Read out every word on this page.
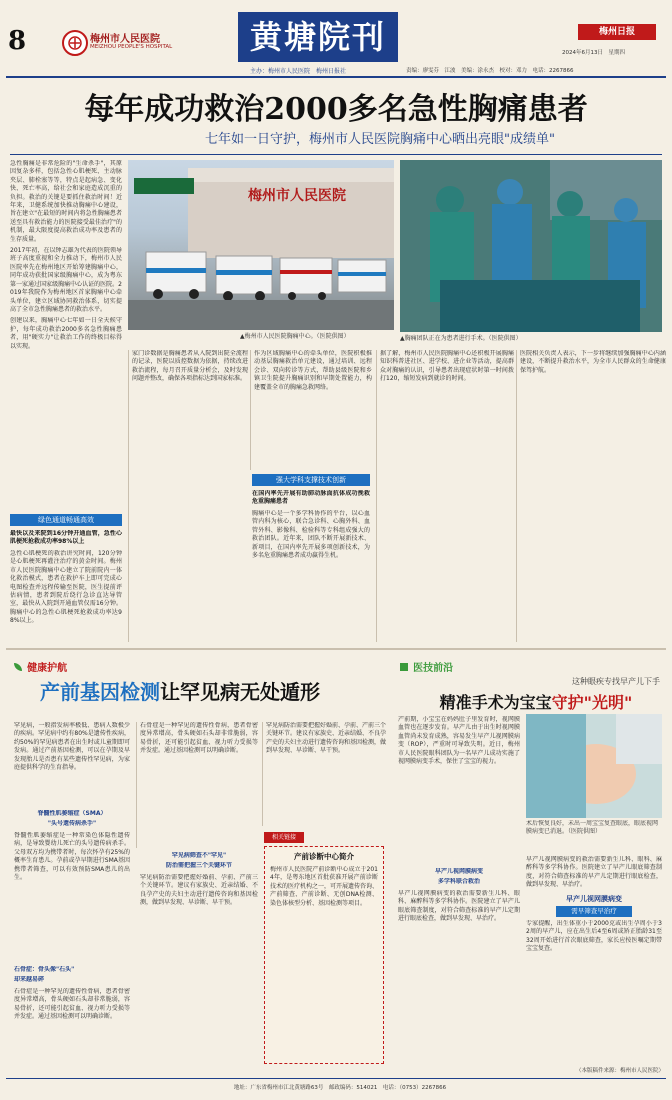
8	梅州市人民医院
MEIZHOU PEOPLE'S HOSPITAL	黄塘院刊	梅州日报
主办：梅州市人民医院　梅州日报社
2024年6月13日　星期四
责编：廖雯芬　江波　美编：涂永杰　校对：邓力　电话：2267866
每年成功救治2000多名急性胸痛患者
七年如一日守护，梅州市人民医院胸痛中心晒出亮眼"成绩单"

急性胸痛是非常危险的"生命杀手"，其原因复杂多样，包括急性心肌梗死、主动脉夹层、肺栓塞等等，特点是起病急、变化快、死亡率高，给社会和家庭造成沉重的负担。救治的关键是要抓住救治时间！近年来，卫健系统加快推动胸痛中心建设，旨在建立"在最短的时间内将急性胸痛患者送至具有救治能力的医院接受最佳治疗"的机制，最大限度提高救治成功率及患者的生存质量。

2017年初，在以钟志雄为代表的医院领导班子高度重视和全力推动下，梅州市人民医院率先在梅州地区开始筹建胸痛中心，同年成功获批国家级胸痛中心，成为粤东第一家通过国家级胸痛中心认证的医院。2019年我院作为梅州地区首家胸痛中心牵头单位，建立区域协同救治体系，切实提高了全市急性胸痛患者的救治水平。

创建以来，胸痛中心七年如一日全天候守护，每年成功救治2000多名急性胸痛患者，用"硬实力"让救治工作的终极目标得以实现。

绿色通道畅通高效
最快以及来院到16分钟开通血管，急性心肌梗死抢救成功率98%以上
急性心肌梗死的救治讲究时间，120分钟是心肌梗死再灌注治疗的黄金时间。梅州市人民医院胸痛中心建立了院前院内一体化救治模式，患者在救护车上即可完成心电图检查并远程传输至医院，医生提前评估病情，患者到院后绕行急诊直达导管室，最快从入院到开通血管仅需16分钟。胸痛中心的急性心肌梗死抢救成功率达98%以上。
梅州市人民医院
▲梅州市人民医院胸痛中心。（医院供图）	▲胸痛团队正在为患者进行手术。（医院供图）
家门诊数据是胸痛患者从入院到出院全流程的记录，医院以质控数据为依据，持续改进救治流程，每月召开质量分析会，及时发现问题并整改，确保各项指标达到国家标准。
作为区域胸痛中心的牵头单位，医院积极推动基层胸痛救治单元建设，通过培训、远程会诊、双向转诊等方式，帮助县级医院和乡镇卫生院提升胸痛识别和早期处置能力，构建覆盖全市的胸痛急救网络。
强大学科支撑技术创新
在国内率先开展有助肺动脉面抗体成功挽救危重胸痛患者
胸痛中心是一个多学科协作的平台，以心血管内科为核心，联合急诊科、心胸外科、血管外科、影像科、检验科等专科组成强大的救治团队。近年来，团队不断开展新技术、新项目，在国内率先开展多项创新技术，为多名危重胸痛患者成功赢得生机。
据了解，梅州市人民医院胸痛中心还积极开展胸痛知识科普进社区、进学校、进企业等活动，提高群众对胸痛的认识，引导患者出现症状时第一时间拨打120，缩短发病到就诊的时间。
医院相关负责人表示，下一步将继续加强胸痛中心内涵建设，不断提升救治水平，为全市人民群众的生命健康保驾护航。
健康护航
产前基因检测让罕见病无处遁形
罕见病，一般指发病率极低、患病人数极少的疾病。罕见病中约有80%是遗传性疾病，约50%的罕见病患者在出生时或儿童期即可发病。通过产前基因检测，可以在孕期及早发现胎儿是否患有某些遗传性罕见病，为家庭提供科学的生育指导。
脊髓性肌萎缩症（SMA）
"头号遗传病杀手"
脊髓性肌萎缩症是一种常染色体隐性遗传病，是导致婴幼儿死亡的头号遗传病杀手。父母双方均为携带者时，每次怀孕有25%的概率生育患儿。孕前或孕早期进行SMA基因携带者筛查，可以有效预防SMA患儿的出生。
石骨症：骨头像"石头"
却来越易碎
石骨症是一种罕见的遗传性骨病，患者骨密度异常增高，骨头硬如石头却非常脆弱，容易骨折，还可能引起贫血、视力听力受损等并发症。通过基因检测可以明确诊断。
石骨症是一种罕见的遗传性骨病，患者骨密度异常增高，骨头硬如石头却非常脆弱，容易骨折，还可能引起贫血、视力听力受损等并发症。通过基因检测可以明确诊断。
罕见病筛查不"罕见"
防治需把握三个关键环节
罕见病防治需要把握好婚前、孕前、产前三个关键环节。建议有家族史、近亲结婚、不良孕产史的夫妇主动进行遗传咨询和基因检测，做到早发现、早诊断、早干预。
罕见病防治需要把握好婚前、孕前、产前三个关键环节。建议有家族史、近亲结婚、不良孕产史的夫妇主动进行遗传咨询和基因检测，做到早发现、早诊断、早干预。
相关链接
产前诊断中心简介
梅州市人民医院产前诊断中心成立于2014年，是粤东地区首批获准开展产前诊断技术的医疗机构之一，可开展遗传咨询、产前筛查、产前诊断、无创DNA检测、染色体核型分析、基因检测等项目。
医技前沿
这种眼疾专找早产儿下手
精准手术为宝宝守护"光明"
产前期，小宝宝在妈妈肚子里发育时，视网膜血管也在逐步发育。早产儿由于出生时视网膜血管尚未发育成熟，容易发生早产儿视网膜病变（ROP），严重时可导致失明。近日，梅州市人民医院眼科团队为一名早产儿成功实施了视网膜病变手术，保住了宝宝的视力。
术后恢复良好，未出一周宝宝复查眼底，眼底视网膜病变已消退。（医院供图）
早产儿视网膜病变
多学科联合救治
早产儿视网膜病变的救治需要新生儿科、眼科、麻醉科等多学科协作。医院建立了早产儿眼底筛查制度，对符合筛查标准的早产儿定期进行眼底检查，做到早发现、早治疗。
早产儿视网膜病变的救治需要新生儿科、眼科、麻醉科等多学科协作。医院建立了早产儿眼底筛查制度，对符合筛查标准的早产儿定期进行眼底检查，做到早发现、早治疗。
早产儿视网膜病变
需早筛查早治疗
专家提醒，出生体重小于2000克或出生孕周小于32周的早产儿，应在出生后4至6周或矫正胎龄31至32周开始进行首次眼底筛查，家长应按医嘱定期带宝宝复查。
（本版稿件来源：梅州市人民医院）
地址：广东省梅州市江北黄塘路63号　邮政编码：514021　电话：（0753）2267866
